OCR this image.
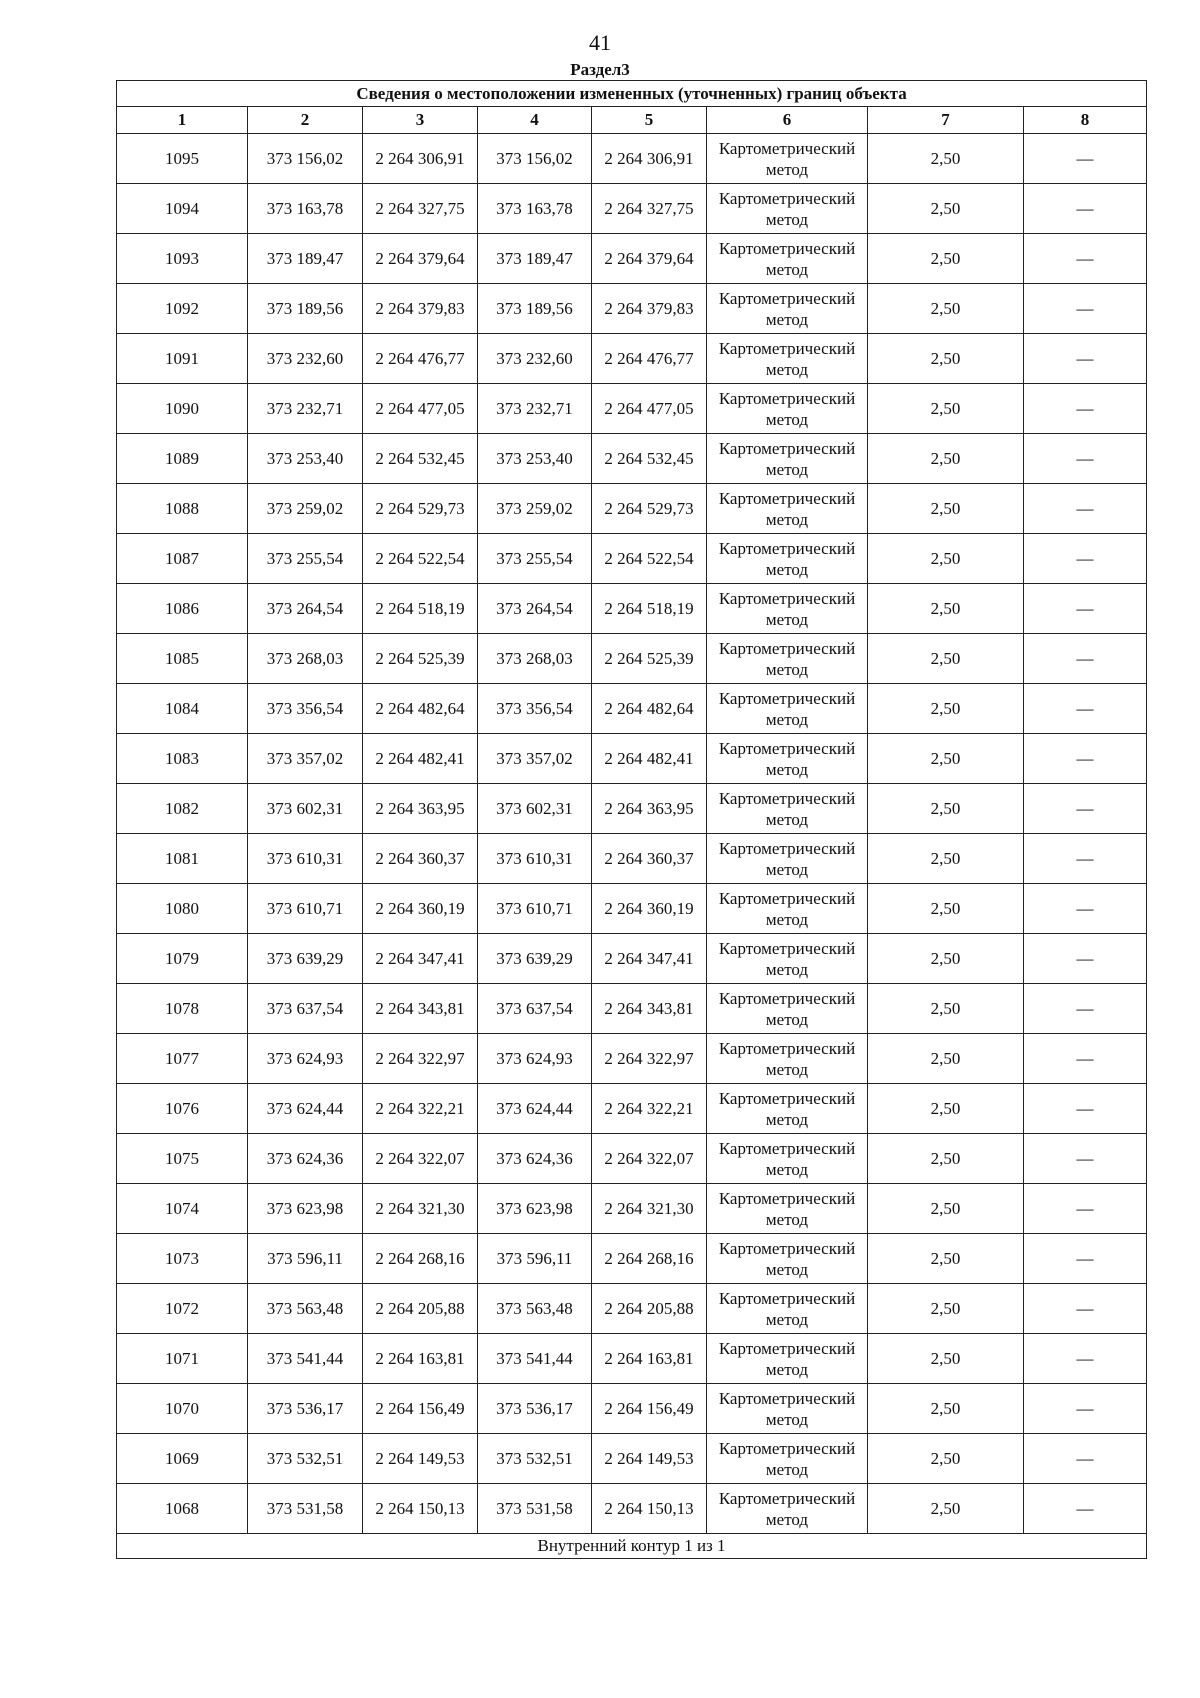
41
Раздел3
Сведения о местоположении измененных (уточненных) границ объекта							
1	2	3	4	5	6	7	8
1095	373 156,02	2 264 306,91	373 156,02	2 264 306,91	Картометрический метод	2,50	—
1094	373 163,78	2 264 327,75	373 163,78	2 264 327,75	Картометрический метод	2,50	—
1093	373 189,47	2 264 379,64	373 189,47	2 264 379,64	Картометрический метод	2,50	—
1092	373 189,56	2 264 379,83	373 189,56	2 264 379,83	Картометрический метод	2,50	—
1091	373 232,60	2 264 476,77	373 232,60	2 264 476,77	Картометрический метод	2,50	—
1090	373 232,71	2 264 477,05	373 232,71	2 264 477,05	Картометрический метод	2,50	—
1089	373 253,40	2 264 532,45	373 253,40	2 264 532,45	Картометрический метод	2,50	—
1088	373 259,02	2 264 529,73	373 259,02	2 264 529,73	Картометрический метод	2,50	—
1087	373 255,54	2 264 522,54	373 255,54	2 264 522,54	Картометрический метод	2,50	—
1086	373 264,54	2 264 518,19	373 264,54	2 264 518,19	Картометрический метод	2,50	—
1085	373 268,03	2 264 525,39	373 268,03	2 264 525,39	Картометрический метод	2,50	—
1084	373 356,54	2 264 482,64	373 356,54	2 264 482,64	Картометрический метод	2,50	—
1083	373 357,02	2 264 482,41	373 357,02	2 264 482,41	Картометрический метод	2,50	—
1082	373 602,31	2 264 363,95	373 602,31	2 264 363,95	Картометрический метод	2,50	—
1081	373 610,31	2 264 360,37	373 610,31	2 264 360,37	Картометрический метод	2,50	—
1080	373 610,71	2 264 360,19	373 610,71	2 264 360,19	Картометрический метод	2,50	—
1079	373 639,29	2 264 347,41	373 639,29	2 264 347,41	Картометрический метод	2,50	—
1078	373 637,54	2 264 343,81	373 637,54	2 264 343,81	Картометрический метод	2,50	—
1077	373 624,93	2 264 322,97	373 624,93	2 264 322,97	Картометрический метод	2,50	—
1076	373 624,44	2 264 322,21	373 624,44	2 264 322,21	Картометрический метод	2,50	—
1075	373 624,36	2 264 322,07	373 624,36	2 264 322,07	Картометрический метод	2,50	—
1074	373 623,98	2 264 321,30	373 623,98	2 264 321,30	Картометрический метод	2,50	—
1073	373 596,11	2 264 268,16	373 596,11	2 264 268,16	Картометрический метод	2,50	—
1072	373 563,48	2 264 205,88	373 563,48	2 264 205,88	Картометрический метод	2,50	—
1071	373 541,44	2 264 163,81	373 541,44	2 264 163,81	Картометрический метод	2,50	—
1070	373 536,17	2 264 156,49	373 536,17	2 264 156,49	Картометрический метод	2,50	—
1069	373 532,51	2 264 149,53	373 532,51	2 264 149,53	Картометрический метод	2,50	—
1068	373 531,58	2 264 150,13	373 531,58	2 264 150,13	Картометрический метод	2,50	—
Внутренний контур 1 из 1							
